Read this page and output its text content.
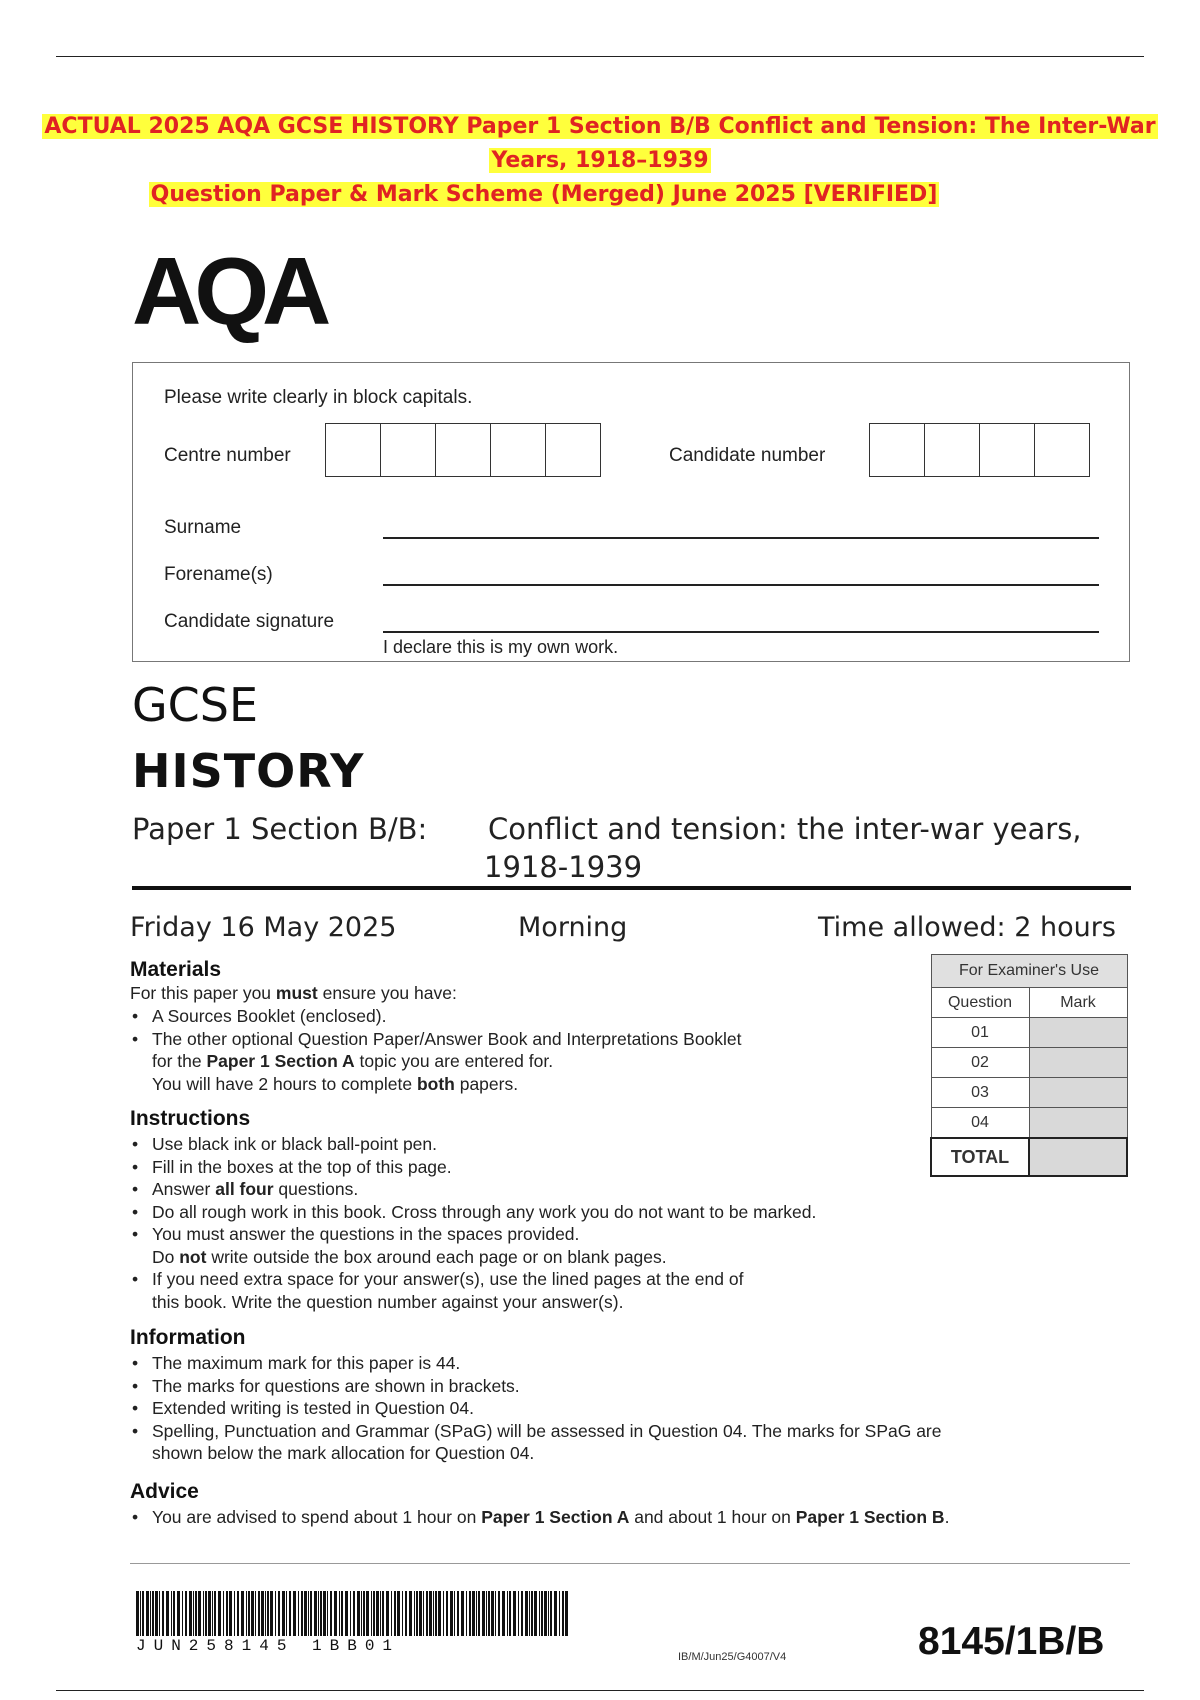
ACTUAL 2025 AQA GCSE HISTORY Paper 1 Section B/B Conflict and Tension: The Inter-War
Years, 1918–1939
Question Paper & Mark Scheme (Merged) June 2025 [VERIFIED]
AQA
Please write clearly in block capitals.
Centre number	Candidate number
Surname
Forename(s)
Candidate signature
I declare this is my own work.
GCSE
HISTORY
Paper 1 Section B/B: Conflict and tension: the inter-war years,
1918-1939
Friday 16 May 2025	Morning	Time allowed: 2 hours
Materials
For this paper you must ensure you have:
• A Sources Booklet (enclosed).
• The other optional Question Paper/Answer Book and Interpretations Booklet
for the Paper 1 Section A topic you are entered for.
You will have 2 hours to complete both papers.
Instructions
• Use black ink or black ball-point pen.
• Fill in the boxes at the top of this page.
• Answer all four questions.
• Do all rough work in this book. Cross through any work you do not want to be marked.
• You must answer the questions in the spaces provided.
Do not write outside the box around each page or on blank pages.
• If you need extra space for your answer(s), use the lined pages at the end of
this book. Write the question number against your answer(s).
Information
• The maximum mark for this paper is 44.
• The marks for questions are shown in brackets.
• Extended writing is tested in Question 04.
• Spelling, Punctuation and Grammar (SPaG) will be assessed in Question 04. The marks for SPaG are
shown below the mark allocation for Question 04.
Advice
• You are advised to spend about 1 hour on Paper 1 Section A and about 1 hour on Paper 1 Section B.
For Examiner's Use	
Question	Mark
01	
02	
03	
04	
TOTAL	
JUN258145 1BB01
IB/M/Jun25/G4007/V4	8145/1B/B
